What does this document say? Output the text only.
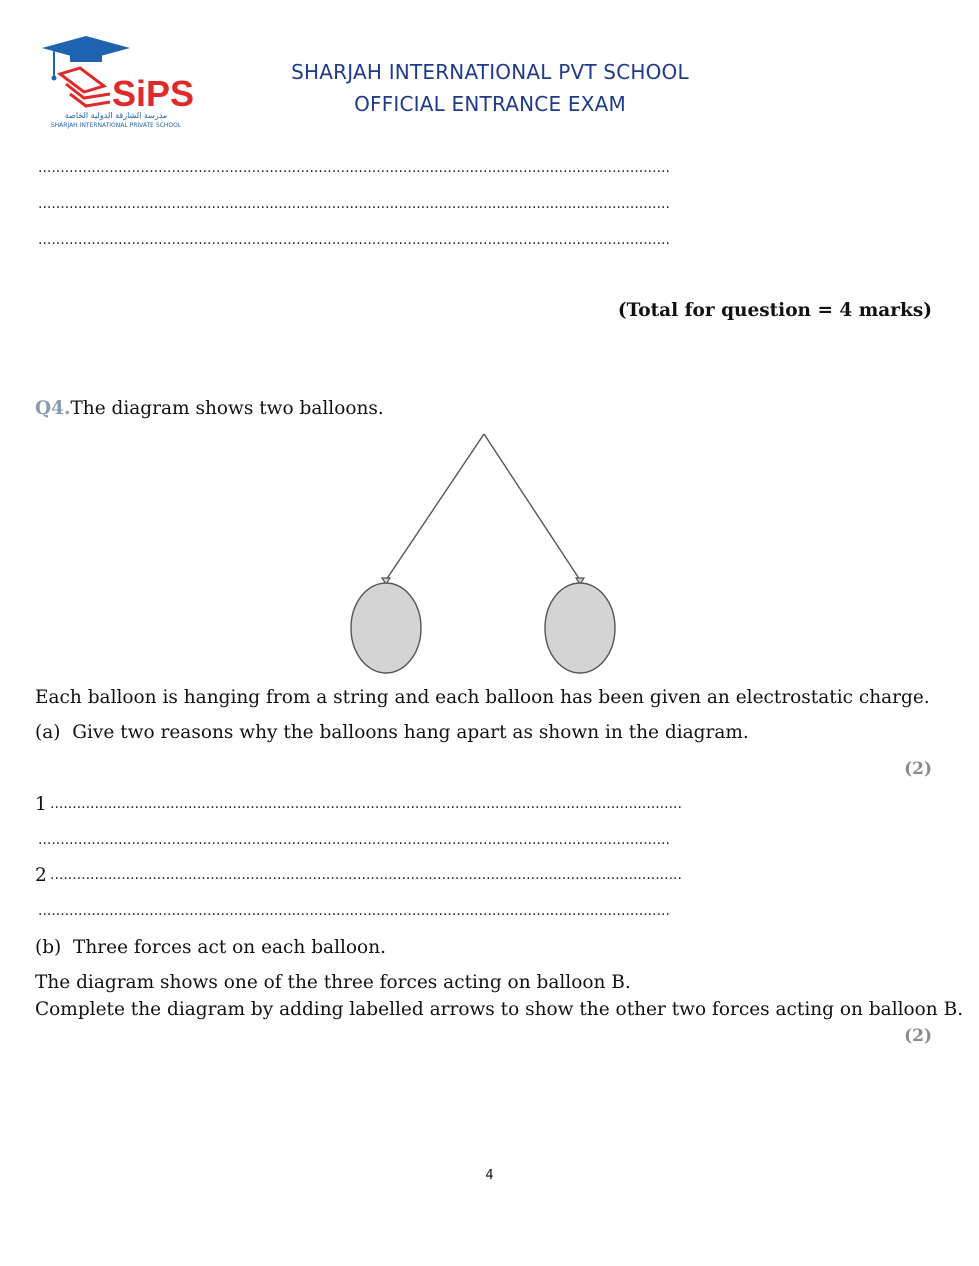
SiPS
مدرسة الشارقة الدولية الخاصة
SHARJAH INTERNATIONAL PRIVATE SCHOOL
SHARJAH INTERNATIONAL PVT SCHOOL
OFFICIAL ENTRANCE EXAM
..............................................................................................................................................
..............................................................................................................................................
..............................................................................................................................................
(Total for question = 4 marks)
Q4.The diagram shows two balloons.
Each balloon is hanging from a string and each balloon has been given an electrostatic charge.
(a) Give two reasons why the balloons hang apart as shown in the diagram.
(2)
1 ..............................................................................................................................................
..............................................................................................................................................
2 ..............................................................................................................................................
..............................................................................................................................................
(b) Three forces act on each balloon.
The diagram shows one of the three forces acting on balloon B.
Complete the diagram by adding labelled arrows to show the other two forces acting on balloon B.
(2)
4
